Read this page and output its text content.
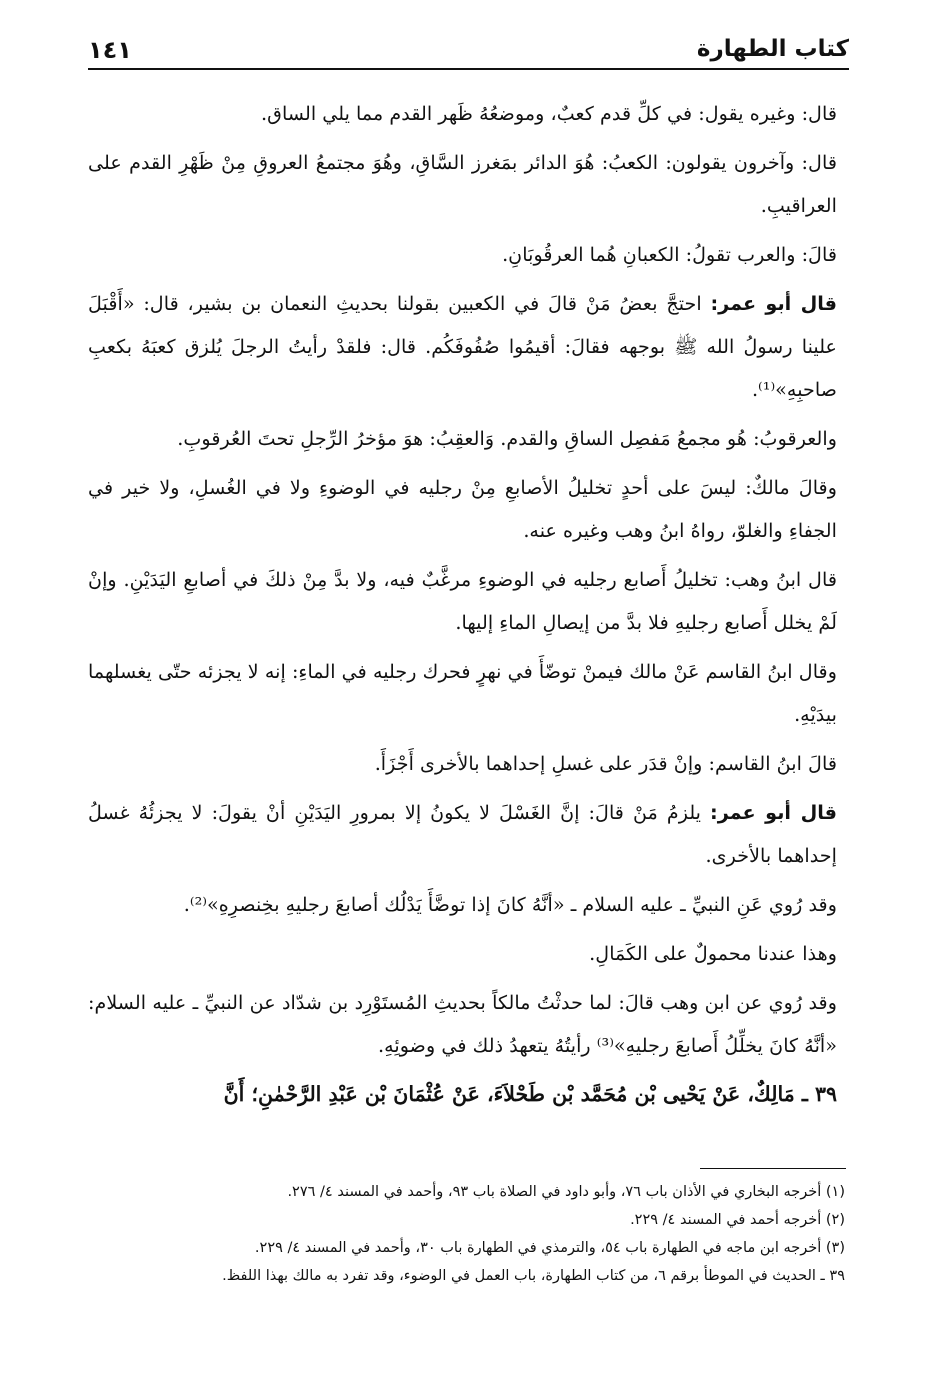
كتاب الطهارة
١٤١

قال: وغيره يقول: في كلِّ قدم كعبٌ، وموضعُهُ ظَهر القدم مما يلي الساق.

قال: وآخرون يقولون: الكعبُ: هُوَ الدائر بمَغرز السَّاقِ، وهُوَ مجتمعُ العروقِ مِنْ ظَهْرِ القدم على العراقيبِ.

قالَ: والعرب تقولُ: الكعبانِ هُما العرقُوبَانِ.

قال أبو عمر: احتجَّ بعضُ مَنْ قالَ في الكعبين بقولنا بحديثِ النعمان بن بشير، قال: «أَقْبَلَ علينا رسولُ الله ﷺ بوجهه فقالَ: أقيمُوا صُفُوفَكُم. قال: فلقدْ رأيتُ الرجلَ يُلزق كعبَهُ بكعبِ صاحبِهِ»⁽¹⁾.

والعرقوبُ: هُو مجمعُ مَفصِل الساقِ والقدم. وَالعقِبُ: هوَ مؤخرُ الرِّجلِ تحتَ العُرقوبِ.

وقالَ مالكٌ: ليسَ على أحدٍ تخليلُ الأصابعِ مِنْ رجليه في الوضوءِ ولا في الغُسلِ، ولا خير في الجفاءِ والغلوّ، رواهُ ابنُ وهب وغيره عنه.

قال ابنُ وهب: تخليلُ أَصابع رجليه في الوضوءِ مرغَّبٌ فيه، ولا بدَّ مِنْ ذلكَ في أصابعِ اليَدَيْنِ. وإنْ لَمْ يخلل أَصابع رجليهِ فلا بدَّ من إيصالِ الماءِ إليها.

وقال ابنُ القاسم عَنْ مالك فيمنْ توضّأَ في نهرٍ فحرك رجليه في الماءِ: إنه لا يجزئه حتّى يغسلهما بيدَيْهِ.

قالَ ابنُ القاسم: وإنْ قدَر على غسلِ إحداهما بالأخرى أَجْزَأَ.

قال أبو عمر: يلزمُ مَنْ قالَ: إنَّ الغَسْلَ لا يكونُ إلا بمرورِ اليَدَيْنِ أنْ يقولَ: لا يجزئُهُ غسلُ إحداهما بالأخرى.

وقد رُوي عَنِ النبيِّ ـ عليه السلام ـ «أنَّهُ كانَ إذا توضَّأَ يَدْلُك أصابعَ رجليهِ بخِنصرِهِ»⁽²⁾.

وهذا عندنا محمولٌ على الكَمَالِ.

وقد رُوي عن ابن وهب قالَ: لما حدثْتُ مالكاً بحديثِ المُستَوْرِد بن شدّاد عن النبيِّ ـ عليه السلام: «أنَّهُ كانَ يخلِّلُ أَصابعَ رجليهِ»⁽³⁾ رأيتُهُ يتعهدُ ذلك في وضوئِهِ.

٣٩ ـ مَالِكٌ، عَنْ يَحْيى بْن مُحَمَّد بْن طَحْلاَءَ، عَنْ عُثْمَانَ بْن عَبْدِ الرَّحْمٰنِ؛ أَنَّ

(١) أخرجه البخاري في الأذان باب ٧٦، وأبو داود في الصلاة باب ٩٣، وأحمد في المسند ٤/ ٢٧٦.

(٢) أخرجه أحمد في المسند ٤/ ٢٢٩.

(٣) أخرجه ابن ماجه في الطهارة باب ٥٤، والترمذي في الطهارة باب ٣٠، وأحمد في المسند ٤/ ٢٢٩.

٣٩ ـ الحديث في الموطأ برقم ٦، من كتاب الطهارة، باب العمل في الوضوء، وقد تفرد به مالك بهذا اللفظ.
